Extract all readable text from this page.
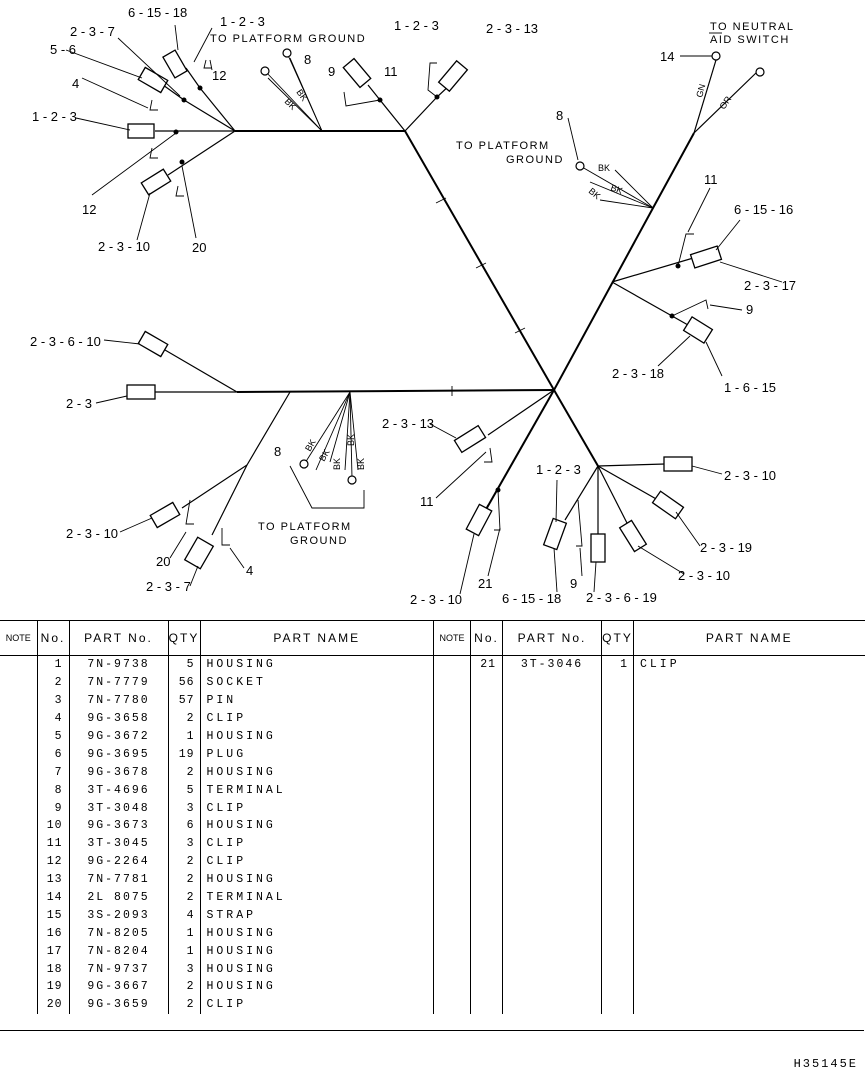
6 - 15 - 18
1 - 2 - 3
2 - 3 - 7
5 - 6
4
12
1 - 2 - 3
12
2 - 3 - 10	20
8
1 - 2 - 3
9	11
2 - 3 - 13
14
8
11
6 - 15 - 16
2 - 3 - 17
9
2 - 3 - 18
1 - 6 - 15
2 - 3 - 6 - 10
2 - 3
8
2 - 3 - 10
20
2 - 3 - 7
4
2 - 3 - 13
11
2 - 3 - 10
2 - 3 - 19
2 - 3 - 10
1 - 2 - 3
9
2 - 3 - 6 - 19
6 - 15 - 18
21
2 - 3 - 10
TO PLATFORM GROUND
TO PLATFORM
GROUND
TO PLATFORM
GROUND
TO NEUTRAL
AID SWITCH
BK
BK
BK
BK
BK
BK
BK
BK
BK
BK
GN
OR
NOTE	No.	PART No.	QTY	PART NAME
	1	7N-9738	5	HOUSING
	2	7N-7779	56	SOCKET
	3	7N-7780	57	PIN
	4	9G-3658	2	CLIP
	5	9G-3672	1	HOUSING
	6	9G-3695	19	PLUG
	7	9G-3678	2	HOUSING
	8	3T-4696	5	TERMINAL
	9	3T-3048	3	CLIP
	10	9G-3673	6	HOUSING
	11	3T-3045	3	CLIP
	12	9G-2264	2	CLIP
	13	7N-7781	2	HOUSING
	14	2L 8075	2	TERMINAL
	15	3S-2093	4	STRAP
	16	7N-8205	1	HOUSING
	17	7N-8204	1	HOUSING
	18	7N-9737	3	HOUSING
	19	9G-3667	2	HOUSING
	20	9G-3659	2	CLIP
NOTE	No.	PART No.	QTY	PART NAME
	21	3T-3046	1	CLIP

H35145E
